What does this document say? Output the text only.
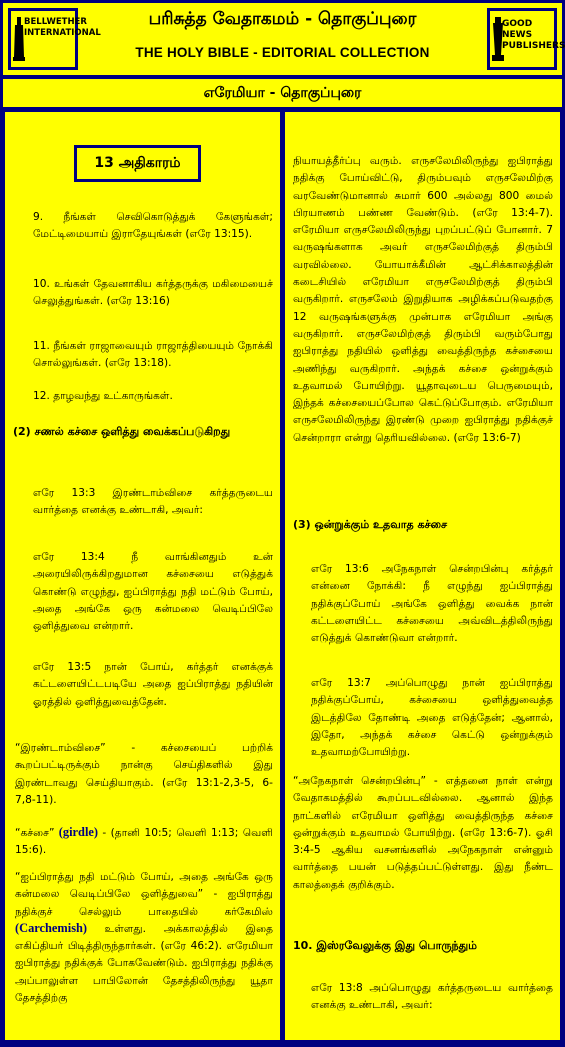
BELLWETHER INTERNATIONAL
பரிசுத்த வேதாகமம் - தொகுப்புரை
THE HOLY BIBLE - EDITORIAL COLLECTION
GOOD NEWS PUBLISHERS
எரேமியா - தொகுப்புரை
13 அதிகாரம்
9. நீங்கள் செவிகொடுத்துக் கேளுங்கள்; மேட்டிமையாய் இராதேயுங்கள் (எரே 13:15).
10. உங்கள் தேவனாகிய கர்த்தருக்கு மகிமையைச் செலுத்துங்கள். (எரே 13:16)
11. நீங்கள் ராஜாவையும் ராஜாத்தியையும் நோக்கி சொல்லுங்கள். (எரே 13:18).
12. தாழவந்து உட்காருங்கள்.
(2) சணல் கச்சை ஒளித்து வைக்கப்படுகிறது
எரே 13:3 இரண்டாம்விசை கர்த்தருடைய வார்த்தை எனக்கு உண்டாகி, அவர்:
எரே 13:4 நீ வாங்கினதும் உன் அரையிலிருக்கிறதுமான கச்சையை எடுத்துக் கொண்டு எழுந்து, ஐப்பிராத்து நதி மட்டும் போய், அதை அங்கே ஒரு கன்மலை வெடிப்பிலே ஒளித்துவை என்றார்.
எரே 13:5 நான் போய், கர்த்தர் எனக்குக் கட்டளையிட்டபடியே அதை ஐப்பிராத்து நதியின் ஓரத்தில் ஒளித்துவைத்தேன்.
“இரண்டாம்விசை” - கச்சையைப் பற்றிக் கூறப்பட்டிருக்கும் நான்கு செய்திகளில் இது இரண்டாவது செய்தியாகும். (எரே 13:1-2,3-5, 6-7,8-11).
“கச்சை” (girdle) - (தானி 10:5; வெளி 1:13; வெளி 15:6).
“ஐப்பிராத்து நதி மட்டும் போய், அதை அங்கே ஒரு கன்மலை வெடிப்பிலே ஒளித்துவை” - ஐபிராத்து நதிக்குச் செல்லும் பாதையில் கர்கேமிஸ் (Carchemish) உள்ளது. அக்காலத்தில் இதை எகிப்தியர் பிடித்திருந்தார்கள். (எரே 46:2). எரேமியா ஐபிராத்து நதிக்குக் போகவேண்டும். ஐபிராத்து நதிக்கு அப்பாலுள்ள பாபிலோன் தேசத்திலிருந்து யூதா தேசத்திற்கு
நியாயத்தீர்ப்பு வரும். எருசலேமிலிருந்து ஐபிராத்து நதிக்கு போய்விட்டு, திரும்பவும் எருசலேமிற்கு வரவேண்டுமானால் சுமார் 600 அல்லது 800 மைல் பிரயாணம் பண்ண வேண்டும். (எரே 13:4-7). எரேமியா எருசலேமிலிருந்து புறப்பட்டுப் போனார். 7 வருஷங்களாக அவர் எருசலேமிற்குத் திரும்பி வரவில்லை. யோயாக்கீமின் ஆட்சிக்காலத்தின் கடைசியில் எரேமியா எருசலேமிற்குத் திரும்பி வருகிறார். எருசலேம் இறுதியாக அழிக்கப்படுவதற்கு 12 வருஷங்களுக்கு முன்பாக எரேமியா அங்கு வருகிறார். எருசலேமிற்குத் திரும்பி வரும்போது ஐபிராத்து நதியில் ஒளித்து வைத்திருந்த கச்சையை அணிந்து வருகிறார். அந்தக் கச்சை ஒன்றுக்கும் உதவாமல் போயிற்று. யூதாவுடைய பெருமையும், இந்தக் கச்சையைப்போல கெட்டுப்போகும். எரேமியா எருசலேமிலிருந்து இரண்டு முறை ஐபிராத்து நதிக்குச் சென்றாரா என்று தெரியவில்லை. (எரே 13:6-7)
(3) ஒன்றுக்கும் உதவாத கச்சை
எரே 13:6 அநேகநாள் சென்றபின்பு கர்த்தர் என்னை நோக்கி: நீ எழுந்து ஐப்பிராத்து நதிக்குப்போய் அங்கே ஒளித்து வைக்க நான் கட்டளையிட்ட கச்சையை அவ்விடத்திலிருந்து எடுத்துக் கொண்டுவா என்றார்.
எரே 13:7 அப்பொழுது நான் ஐப்பிராத்து நதிக்குப்போய், கச்சையை ஒளித்துவைத்த இடத்திலே தோண்டி அதை எடுத்தேன்; ஆனால், இதோ, அந்தக் கச்சை கெட்டு ஒன்றுக்கும் உதவாமற்போயிற்று.
“அநேகநாள் சென்றபின்பு” - எத்தனை நாள் என்று வேதாகமத்தில் கூறப்படவில்லை. ஆனால் இந்த நாட்களில் எரேமியா ஒளித்து வைத்திருந்த கச்சை ஒன்றுக்கும் உதவாமல் போயிற்று. (எரே 13:6-7). ஓசி 3:4-5 ஆகிய வசனங்களில் அநேகநாள் என்னும் வார்த்தை பயன் படுத்தப்பட்டுள்ளது. இது நீண்ட காலத்தைக் குறிக்கும்.
10. இஸ்ரவேலுக்கு இது பொருந்தும்
எரே 13:8 அப்பொழுது கர்த்தருடைய வார்த்தை எனக்கு உண்டாகி, அவர்:
